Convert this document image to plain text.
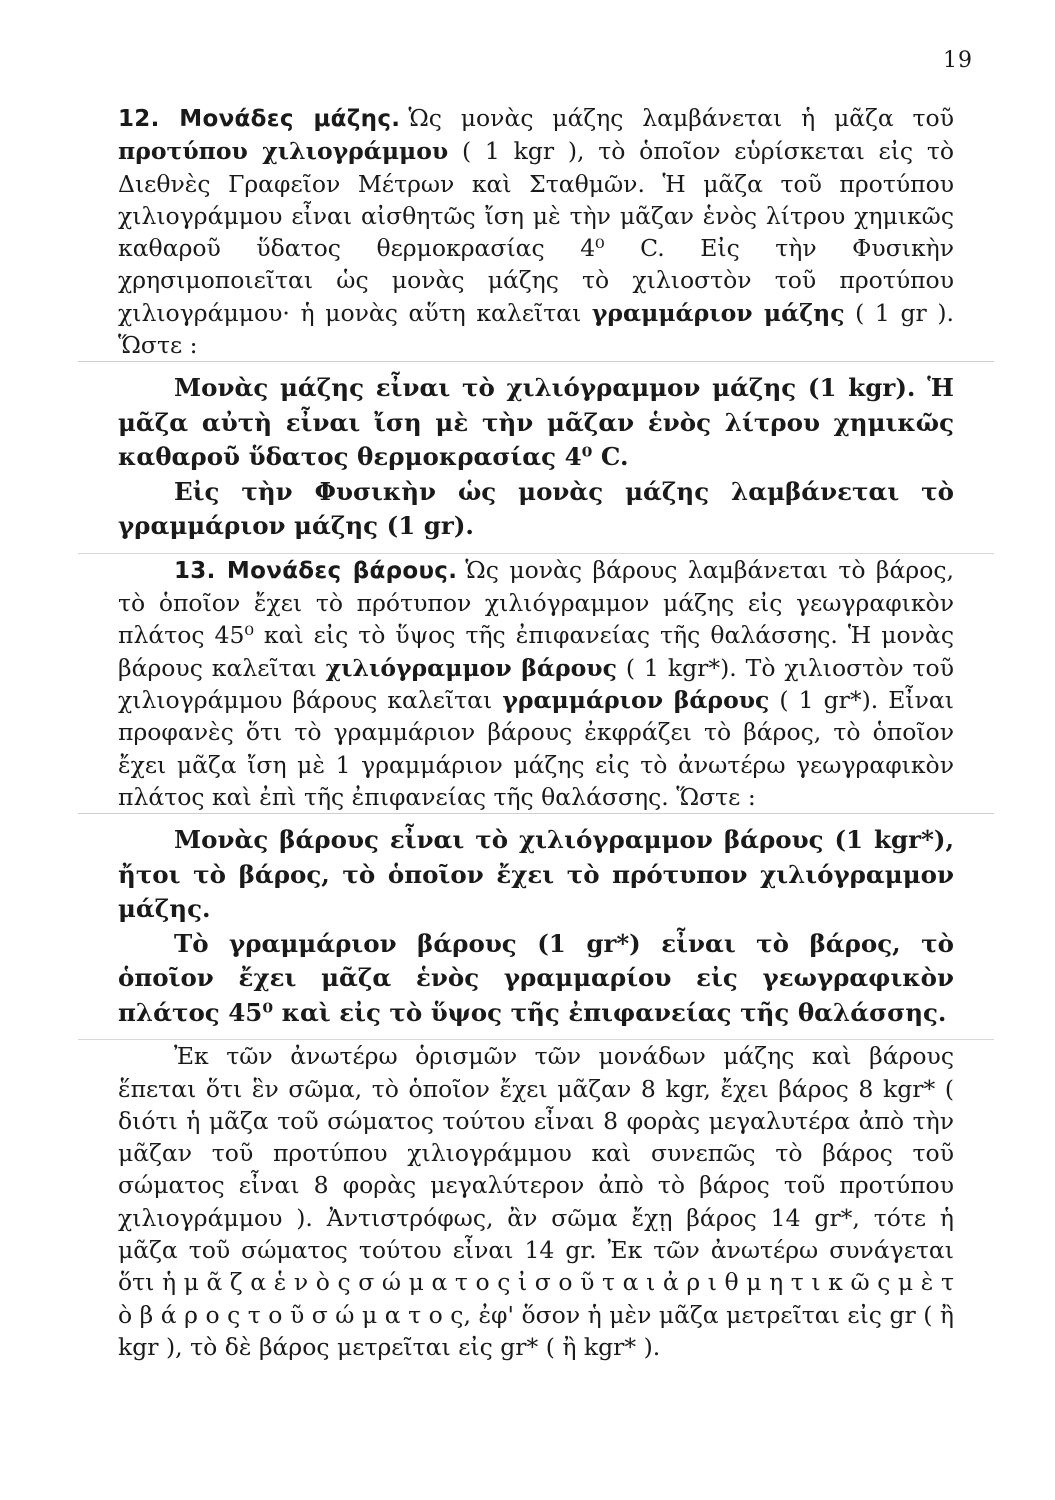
19

12. Μονάδες μάζης. Ὡς μονὰς μάζης λαμβάνεται ἡ μᾶζα τοῦ προτύπου χιλιογράμμου ( 1 kgr ), τὸ ὁποῖον εὑρίσκεται εἰς τὸ Διεθνὲς Γραφεῖον Μέτρων καὶ Σταθμῶν. Ἡ μᾶζα τοῦ προτύπου χιλιογράμμου εἶναι αἰσθητῶς ἴση μὲ τὴν μᾶζαν ἑνὸς λίτρου χημικῶς καθαροῦ ὕδατος θερμοκρασίας 4⁰ C. Εἰς τὴν Φυσικὴν χρησιμοποιεῖται ὡς μονὰς μάζης τὸ χιλιοστὸν τοῦ προτύπου χιλιογράμμου· ἡ μονὰς αὕτη καλεῖται γραμμάριον μάζης ( 1 gr ). Ὥστε :

Μονὰς μάζης εἶναι τὸ χιλιόγραμμον μάζης (1 kgr). Ἡ μᾶζα αὐτὴ εἶναι ἴση μὲ τὴν μᾶζαν ἑνὸς λίτρου χημικῶς καθαροῦ ὕδατος θερμοκρασίας 4⁰ C.

Εἰς τὴν Φυσικὴν ὡς μονὰς μάζης λαμβάνεται τὸ γραμμάριον μάζης (1 gr).

13. Μονάδες βάρους. Ὡς μονὰς βάρους λαμβάνεται τὸ βάρος, τὸ ὁποῖον ἔχει τὸ πρότυπον χιλιόγραμμον μάζης εἰς γεωγραφικὸν πλάτος 45⁰ καὶ εἰς τὸ ὕψος τῆς ἐπιφανείας τῆς θαλάσσης. Ἡ μονὰς βάρους καλεῖται χιλιόγραμμον βάρους ( 1 kgr*). Τὸ χιλιοστὸν τοῦ χιλιογράμμου βάρους καλεῖται γραμμάριον βάρους ( 1 gr*). Εἶναι προφανὲς ὅτι τὸ γραμμάριον βάρους ἐκφράζει τὸ βάρος, τὸ ὁποῖον ἔχει μᾶζα ἴση μὲ 1 γραμμάριον μάζης εἰς τὸ ἀνωτέρω γεωγραφικὸν πλάτος καὶ ἐπὶ τῆς ἐπιφανείας τῆς θαλάσσης. Ὥστε :

Μονὰς βάρους εἶναι τὸ χιλιόγραμμον βάρους (1 kgr*), ἤτοι τὸ βάρος, τὸ ὁποῖον ἔχει τὸ πρότυπον χιλιόγραμμον μάζης.

Τὸ γραμμάριον βάρους (1 gr*) εἶναι τὸ βάρος, τὸ ὁποῖον ἔχει μᾶζα ἑνὸς γραμμαρίου εἰς γεωγραφικὸν πλάτος 45⁰ καὶ εἰς τὸ ὕψος τῆς ἐπιφανείας τῆς θαλάσσης.

Ἐκ τῶν ἀνωτέρω ὁρισμῶν τῶν μονάδων μάζης καὶ βάρους ἕπεται ὅτι ἓν σῶμα, τὸ ὁποῖον ἔχει μᾶζαν 8 kgr, ἔχει βάρος 8 kgr* ( διότι ἡ μᾶζα τοῦ σώματος τούτου εἶναι 8 φορὰς μεγαλυτέρα ἀπὸ τὴν μᾶζαν τοῦ προτύπου χιλιογράμμου καὶ συνεπῶς τὸ βάρος τοῦ σώματος εἶναι 8 φορὰς μεγαλύτερον ἀπὸ τὸ βάρος τοῦ προτύπου χιλιογράμμου ). Ἀντιστρόφως, ἂν σῶμα ἔχῃ βάρος 14 gr*, τότε ἡ μᾶζα τοῦ σώματος τούτου εἶναι 14 gr. Ἐκ τῶν ἀνωτέρω συνάγεται ὅτι ἡ μ ᾶ ζ α ἑ ν ὸ ς σ ώ μ α τ ο ς ἰ σ ο ῦ τ α ι ἀ ρ ι θ μ η τ ι κ ῶ ς μ ὲ τ ὸ β ά ρ ο ς τ ο ῦ σ ώ μ α τ ο ς, ἐφ' ὅσον ἡ μὲν μᾶζα μετρεῖται εἰς gr ( ἢ kgr ), τὸ δὲ βάρος μετρεῖται εἰς gr* ( ἢ kgr* ).
